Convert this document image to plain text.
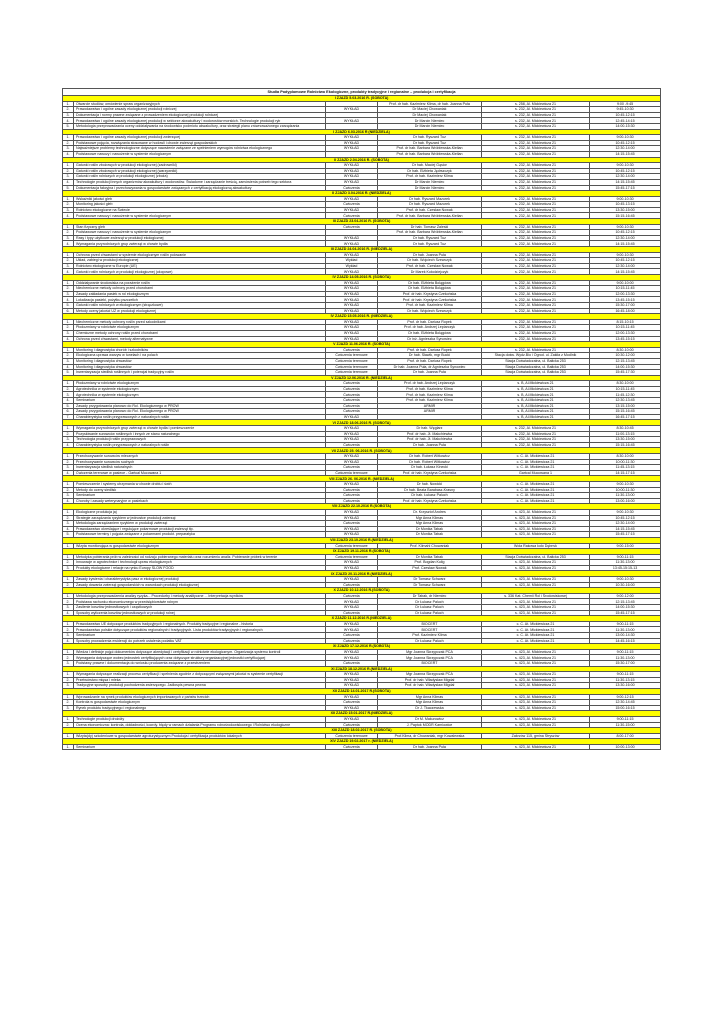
Studia Podyplomowe Rolnictwo Ekologiczne, produkty tradycyjne i regionalne – produkcja i certyfikacja					
I ZJAZD 5.03.2016 R. (SOBOTA)					
1.	Otwarcie studiów, omówienie spraw organizacyjnych		Prof. dr hab. Kazimierz Klima, dr hab. Joanna Puła	s. 258, Al. Mickiewicza 21	9:00 -9:45
2.	Prawodawstwo i ogólne zasady ekologicznej produkcji rolniczej	WYKŁAD	Dr Maciej Chowaniak	s. 232, Al. Mickiewicza 21	9:45-10:30
3.	Dokumentacja i normy prawne związane z prowadzeniem ekologicznej produkcji rolniczej		Dr Maciej Chowaniak	s. 232, Al. Mickiewicza 21	10:45-12:15
4.	Prawodawstwo i ogólne zasady ekologicznej produkcji w sektorze akwakultury i wodorostów morskich. Technologie produkcji ryb	WYKŁAD	Dr Marcin Niemiec	s. 232, Al. Mickiewicza 21	12:45-14:15
5.	Metodologia przeprowadzania oceny oddziaływania na środowisko podmiotu akwakultury, oraz strategii planu zrównoważonego zarządzania		Dr Marcin Niemiec	s. 232, Al. Mickiewicza 21	14:00-15:30
I ZJAZD 6.03.2016 R (NIEDZIELA)					
1.	Prawodawstwo i ogólne zasady ekologicznej produkcji zwierzęcej	WYKŁAD	Dr hab. Ryszard Tuz	s. 232, Al. Mickiewicza 21	9:00-10:30
2.	Podstawowe pojęcia, rozwiązania stosowane w hodowli i chowie zwierząt gospodarskich	WYKŁAD	Dr hab. Ryszard Tuz	s. 232, Al. Mickiewicza 21	10:45-12:15
3.	Najważniejsze problemy technologiczne dotyczące naważenie związane ze spełnieniem wymogów rolnictwa ekologicznego	WYKŁAD	Prof. dr hab. Barbara Wróblewska-Kiełian	s. 232, Al. Mickiewicza 21	12:30-14:00
4.	Podstawowe nawozy i nawożenie w systemie ekologicznym		Prof. dr hab. Barbara Wróblewska-Kiełian	s. 232, Al. Mickiewicza 21	14:15-15:45
II ZJAZD 2.04.2016 R. (SOBOTA)					
1.	Gatunki roślin zbożowych w produkcji ekologicznej (zadrowniki)	WYKŁAD	Dr hab. Maciej Gąsior	s. 232, Al. Mickiewicza 21	9:00-10:30
2.	Gatunki roślin zbożowych w produkcji ekologicznej (warzywniki)	WYKŁAD	Dr hab. Elżbieta Jędrszczyk	s. 232, Al. Mickiewicza 21	10:45-12:15
3.	Gatunki roślin rolniczych w produkcji ekologicznej (zboża)	WYKŁAD	Prof. dr hab. Kazimierz Klima	s. 232, Al. Mickiewicza 21	12:30-14:00
4.	Technologie produkcji innych organizmów akwakultury i wodorostów. Świadome i zarządzanie treścią, zamówienia potrzeb tego sektora	WYKŁAD	Dr Marcin Niemiec	s. 232, Al. Mickiewicza 21	14:15-15:45
5.	Dokumentacja fakcyjna i przechowywania w gospodarstwie związanych z certyfikacją ekologiczną akwakultury	Ćwiczenia	Dr Marcin Niemiec	s. 232, Al. Mickiewicza 21	15:45-17:15
II ZJAZD 3.04.2016 R. (NIEDZIELA)					
1.	Wskaźniki jakości gleb	WYKŁAD	Dr hab. Ryszard Mazurek	s. 232, Al. Mickiewicza 21	9:00-10:30
2.	Monitoring jakości gleb	Ćwiczenia	Dr hab. Ryszard Mazurek	s. 232, Al. Mickiewicza 21	10:45-13:15
3.	Rolnictwo ekologiczne na Świecie	WYKŁAD	Prof. dr hab. Czesław Nowak	s. 232, Al. Mickiewicza 21	13:30-15:00
4.	Podstawowe nawozy i nawożenie w systemie ekologicznym	Ćwiczenia	Prof. dr hab. Barbara Wróblewska-Kiełian	s. 232, Al. Mickiewicza 21	15:15-16:45
III ZJAZD 23.04.2016 R. (SOBOTA)					
1.	Stan fizyczny gleb	Ćwiczenia	Dr hab. Tomasz Zaleski	s. 232, Al. Mickiewicza 21	9:00-10:30
2.	Podstawowe nawozy i nawożenie w systemie ekologicznym		Prof. dr hab. Barbara Wróblewska-Kiełian	s. 232, Al. Mickiewicza 21	10:45-12:15
3.	Rasy i typy użytkowe zwierząt w produkcji ekologicznej	WYKŁAD	Dr hab. Ryszard Tuz	s. 232, Al. Mickiewicza 21	12:30-14:00
4.	Wymagania przyrodniczych grup zwierząt w chowie bydła	WYKŁAD	Dr hab. Ryszard Tuz	s. 232, Al. Mickiewicza 21	14:15-15:45
III ZJAZD 24.04.2016 R. (NIEDZIELA)					
1.	Ochrona przed chwastami w systemie ekologicznym roślin polowanie	WYKŁAD	Dr hab. Joanna Puła	s. 232, Al. Mickiewicza 21	9:00-10:30
2.	Układ, zabiegi w produkcji ekologicznej	Wykład	Dr hab. Wojciech Szewczyk	s. 232, Al. Mickiewicza 21	10:45-12:15
3.	Rolnictwo ekologiczne w Europie (UE)	Wykład	Prof. dr hab. Czesław Nowak	s. 232, Al. Mickiewicza 21	12:30-14:00
4.	Gatunki roślin rolniczych w produkcji ekologicznej (okopowe)	WYKŁAD	Dr Marek Kołodziejczyk	s. 232, Al. Mickiewicza 21	14:15-15:45
IV ZJAZD 14.05.2016 R. (SOBOTA)					
1.	Oddziaływanie środowiska na porażenie roślin	WYKŁAD	Dr hab. Elżbieta Bolągówa	s. 232, Al. Mickiewicza 21	9:00-10:00
2.	Niechemiczne metody ochrony przed chorobami	WYKŁAD	Dr hab. Elżbieta Bolągówa	s. 232, Al. Mickiewicza 21	10:15-11:45
3.	Zasady zakładania pasiek w rol ekologicznym	WYKŁAD	Prof. dr hab. Krystyna Czekońska	s. 232, Al. Mickiewicza 21	12:00-13:30
4.	Lokalizacja pasieki, pożytku pszczelich	WYKŁAD	Prof. dr hab. Krystyna Czekońska	s. 232, Al. Mickiewicza 21	13:45-15:15
5.	Gatunki roślin rolniczych w ekologicznym (strączkowe)	WYKŁAD	Prof. dr hab. Kazimierz Klima	s. 232, Al. Mickiewicza 21	15:30-17:00
6.	Metody oceny jakości UZ w produkcji ekologicznej	WYKŁAD	Dr hab. Wojciech Szewczyk	s. 232, Al. Mickiewicza 21	16:45-18:00
IV ZJAZD 15.05.2016 R. (NIEDZIELA)					
1.	Niechemiczne metody ochrony roślin przed szkodnikami	WYKŁAD	Prof. dr hab. Dariusz Ropek	s. 232, Al. Mickiewicza 21	8:15-10:15
2.	Płodozmiany w rolnictwie ekologicznym	WYKŁAD	Prof. dr hab. Andrzej Lepiarczyk	s. 232, Al. Mickiewicza 21	10:15-11:45
3.	Chemiczne metody ochrony roślin przed chorobami	WYKŁAD	Dr hab. Elżbieta Bolągówa	s. 232, Al. Mickiewicza 21	12:00-13:30
4.	Ochrona przed chwastami, metody alternatywne	WYKŁAD	Dr inż. Agnieszka Synowiec	s. 232, Al. Mickiewicza 21	13:45-15:15
V ZJAZD 11.06.2016 R. (SOBOTA)					
1.	Monitoring i diagnostyka chorób i szkodników	Ćwiczenia	Prof. dr hab. Dariusz Ropek	s. 232, Al. Mickiewicza 21	8:30-10:00
2.	Ekologiczna uprawa warzyw w tunelach i na polach	Ćwiczenia terenowe	Dr hab. Sławik, mgr Bucki	Stacja dośw. Wydz.Bio i Ogrod. ul. Zakiła z Modlnik	10:30-12:00
3.	Monitoring i diagnostyka chwastów	Ćwiczenia terenowe	Prof. dr hab. Dariusz Ropek	Stacja Doświadczalna, ul. Bałicka 253	12:15-13:45
4.	Monitoring i diagnostyka chwastów	Ćwiczenia terenowe	Dr hab. Joanna Puła, dr Agnieszka Synowiec	Stacja Doświadczalna, ul. Bałicka 253	14:00-15:30
5.	Inwentaryzacja siedlisk roślinnych i potencjał tradycyjny roślin	Ćwiczenia terenowe	Dr hab. Joanna Puła	Stacja Doświadczalna, ul. Bałicka 253	15:45-17:30
V ZJAZD 12.06.2016 R. (NIEDZIELA)					
1.	Płodozmiany w rolnictwie ekologicznym	Ćwiczenia	Prof. dr hab. Andrzej Lepiarczyk	s. B, Al.Mickiewicza 21	8:30-10:00
2.	Agrotechnika w systemie ekologicznym	Ćwiczenia	Prof. dr hab. Kazimierz Klima	s. B, Al.Mickiewicza 21	10:15-11:45
3.	Agrotechnika w systemie ekologicznym	Ćwiczenia	Prof. dr hab. Kazimierz Klima	s. B, Al.Mickiewicza 21	11:45-12:30
4.	Seminarium	Ćwiczenia	Prof. dr hab. Kazimierz Klima	s. B, Al.Mickiewicza 21	12:30-13:45
5.	Zasady przygotowania planowo do Rol. Ekologicznego w PROW	Ćwiczenia	ARMiR	s. B, Al.Mickiewicza 21	13:15-15:00
6.	Zasady przygotowania planowo do Rol. Ekologicznego w PROW	Ćwiczenia	ARMiR	s. B, Al.Mickiewicza 21	15:15-16:45
7.	Charakterystyka roślin przyprawowych z naturalnych roślin	WYKŁAD		s. B, Al.Mickiewicza 21	16:45-17:15
VI ZJAZD 18.06.2016 R. (SOBOTA)					
1.	Wymagania przyrodniczych grup zwierząt w chowie bydła i pomieszczenie	WYKŁAD	Dr hab. Węglarz	s. 232, Al. Mickiewicza 21	8:30-10:45
2.	Pozyskiwanie surowców roślinnych i innych ze stanu naturalnego	WYKŁAD	Prof. dr hab. Jt. Makchiewka	s. 232, Al. Mickiewicza 21	11:00-13:15
3.	Technologia produkcji roślin przyprawowych	WYKŁAD	Prof. dr hab. Jt. Makchiewka	s. 232, Al. Mickiewicza 21	13:30-15:00
4.	Charakterystyka roślin przyprawowych z naturalnych roślin	Ćwiczenia	Dr hab. Joanna Puła	s. 232, Al. Mickiewicza 21	15:15-16:45
VII ZJAZD 25. 06.2016 R. (SOBOTA)					
1.	Przechowywanie surowców mlecznych	WYKŁAD	Dr hab. Robert Witkowicz	c. C. At. Mickiewicza 21	8:30-10:00
2.	Przechowywanie surowców suchych	WYKŁAD	Dr hab. Robert Witkowicz	c. C. At. Mickiewicza 21	10:00-11:30
3.	Inwentaryzacja siedlisk naturalnych	Ćwiczenia	Dr hab. Łukasz Kinecki	c. C. At. Mickiewicza 21	11:45-13:15
4.	Ćwiczenia terenowe w pasiece - Gartcal Mucowana 1	Ćwiczenia terenowe	Prof. dr hab. Krystyna Czekońska	Gartcal Mucowana 1	14:15-17:15
VIII ZJAZD 26. 06.2016 R. (NIEDZIELA)					
1.	Pomieszczenie i systemy utrzymania w chowie drobiu i świń	WYKŁAD	Dr hab. Nowicki	c. C. At. Mickiewicza 21	9:00-10:30
2.	Metody do oceny siedlisk	Ćwiczenia	Dr hab. Beata Barabasz-Krasny	c. C. At. Mickiewicza 21	10:00-11:30
3.	Seminarium	Ćwiczenia	Dr hab. Łukasz Paluch	c. C. At. Mickiewicza 21	11:30-13:00
4.	Choroby i zasady weterynaryjne w pasiekach	Ćwiczenia	Prof. dr hab. Krystyna Czekońska	c. C. At. Mickiewicza 21	13:00-16:00
VIII ZJAZD 22.10.2016 R.(SOBOTA)					
1.	Ekologiczne produkcja jaj	WYKŁAD	Dr. Krzysztof Andres	s. 423, Al. Mickiewicza 21	9:00-10:30
2.	Strategie zarządzania ryzykiem w jednostce produkcji zwierząt	WYKŁAD	Mgr Anna Klimas	s. 423, Al. Mickiewicza 21	10:45-12:15
3.	Metodologia zarządzaniem ryzykiem w produkcji zwierząt	Ćwiczenia	Mgr Anna Klimas	s. 423, Al. Mickiewicza 21	12:30-14:00
4.	Prawodawstwo określające i regulujące pokarmowe produkcji zwierząt itp.	WYKŁAD	Dr Monika Tabak	s. 423, Al. Mickiewicza 21	14:15-15:45
5.	Podstawowe terminy i pojęcia związane z pokarmami produkt. preparatyka	WYKŁAD	Dr Monika Tabak	s. 423, Al. Mickiewicza 21	15:45-17:15
VIII ZJAZD 23.10.2016 R.(NIEDZIELA)					
1.	Wizyta monitorująca w gospodarstwie ekologicznym	Ćwiczenia terenowe	Prof. Klimahl Chowaniak	Wola Rakowa koło Dębnvk	9:00-15:00
IX ZJAZD 19.11.2016 R.(SOBOTA)					
1.	Metodyka pobierania prób w zależności od rodzaju pobieranego materiału oraz rozumieniu analiz. Pobieranie próbek w terenie	Ćwiczenia terenowe	Dr Monika Tabak	Stacja Doświadczalna, ul. Bałicka 253	9:00-11:15
2.	Innowacje w agrotechnice i technologii upraw ekologicznych	WYKŁAD	Prof. Bogdan Kulig	s. 423, Al. Mickiewicza 21	11:30-13:00
3.	Produkty ekologiczne i relacje na rynku Europy SLOW FOOD	WYKŁAD	Prof. Czesław Nowak	s. 423, Al. Mickiewicza 21	13:45-15:15-13
IX ZJAZD 20.11.2016 R.(NIEDZIELA)					
1.	Zasady żywienia i charakterystyka pasz w ekologicznej produkcji	WYKŁAD	Dr Tomasz Schwarz	s. 423, Al. Mickiewicza 21	9:00-10:30
2.	Zasady dowania zwierząt gospodarskich w warunkach produkcji ekologicznej	Ćwiczenia	Dr Tomasz Schwarz	s. 423, Al. Mickiewicza 21	10:30-16:00
X ZJAZD 10.12.2016 R.(SOBOTA)					
1.	Metodologia przeprowadzenia analizy ryzyka... Procedurby i metody analityczne ... Interpretacja wyników	Ćwiczenia	Dr Tabak, dr Niemiec	s. 336 Kat. Chemii Rol i Środowiskowej	9:00-12:00
2.	Podstawa rachunku ekonomicznego w przedsiębiorstwie rolnym	WYKŁAD	Dr Łukasz Paluch	s. 423, Al. Mickiewicza 21	12:15-13:45
3.	Zasilenie kosztów jednostkowych i cząstkowych	WYKŁAD	Dr Łukasz Paluch	s. 423, Al. Mickiewicza 21	14:00-15:30
4.	Sposoby wyliczenia kosztów jednostkowych w produkcji rolnej	Ćwiczenia	Dr Łukasz Paluch	s. 423, Al. Mickiewicza 21	15:45-17:15
X ZJAZD 11.12.2016 R.(NIEDZIELA)					
1.	Prawodawstwo UE dotyczące produktów tradycyjnych i regionalnych. Produkty tradycyjne i regionalne - historia	WYKŁAD	BIOCERT	c. C. At. Mickiewicza 21	9:00-11:15
2.	Prawodawstwo polskie dotyczące produktów regionalnych i tradycyjnych. Lista produktów tradycyjnych i regionalnych	WYKŁAD	BIOCERT	c. C. At. Mickiewicza 21	11:30-13:00
3.	Seminarium	Ćwiczenia	Prof. Kazimierz Klima	c. C. At. Mickiewicza 21	13:00-14:30
4.	Sposoby prowadzenia ewidencji do potrzeb ustalenia podatku VAT	Ćwiczenia	Dr Łukasz Paluch	c. C. At. Mickiewicza 21	14:45-16:15
XI ZJAZD 17.12.2016 R.(SOBOTA)					
1.	Wiedza i definicje pojęć dokumentów dotyczące akredytacji i certyfikacji w rolnictwie ekologicznym. Organizacja systemu kontroli	WYKŁAD	Mgr Joanna Skrzypczak PCA	s. 423, Al. Mickiewicza 21	9:00-11:15
2.	Wymagania dotyczące wobec jednostek certyfikujących oraz dotyczące struktury organizacyjnej jednostki certyfikującej	WYKŁAD	Mgr Joanna Skrzypczak PCA	s. 423, Al. Mickiewicza 21	11:30-13:00
3.	Podstawy prawne i dokumentacja do wniosku producenta związane z przestrzeniem	Ćwiczenia	BIOCERT	s. 423, Al. Mickiewicza 21	15:30-17:00
XI ZJAZD 18.12.2016 R.(NIEDZIELA)					
1.	Wymagania dotyczące realizacji procesu certyfikacji i spełnienia zgodnie z dotyczącymi związanymi jakości w systemie certyfikacji	WYKŁAD	Mgr Joanna Skrzypczak PCA	s. 423, Al. Mickiewicza 21	9:00-11:15
2.	Przetwórstwo mięsa i mleka	WYKŁAD	Prof. dr hab. Władysław Migdał	s. 423, Al. Mickiewicza 21	11:30-13:15
3.	Tradycyjne sposoby produkcji pochodzenia zwierzęcego. Jadłospis pewna pewna	WYKŁAD	Prof. dr hab. Władysław Migdał	s. 423, Al. Mickiewicza 21	13:30-16:00
XII ZJAZD 14.01.2017 R.(SOBOTA)					
1.	Wprowadzanie na rynek produktów ekologicznych importowanych z państw trzecich	WYKŁAD	Mgr Anna Klimas	s. 423, Al. Mickiewicza 21	9:00-12:15
2.	Kontrola w gospodarstwie ekologicznym	Ćwiczenia	Mgr Anna Klimas	s. 423, Al. Mickiewicza 21	12:30-14:45
3.	Rynek produktu tradycyjnego i regionalnego	WYKŁAD	Dr J. Tkaczewska	s. 423, Al. Mickiewicza 21	15:00-16:15
XII ZJAZD 15.01.2017 R.(NIEDZIELA)					
1.	Technologie produkcji drożdży	WYKŁAD	Dr M. Makurowicz	s. 423, Al. Mickiewicza 21	9:00-11:15
2.	Ocena ekonomiczna: kontrola, dokładności, koordy. błędy w ramach działania Programu rolnośrodowiskowego i Rolnictwo ekologiczne	Ćwiczenia	J. Paptok MODR Karniowice	s. 423, Al. Mickiewicza 21	11:30-15:00
XIII ZJAZD 18.02.2017 R. (SOBOTA)					
1.	Wizyta(dy) szkoleniowe w gospodarstwie agroturystycznym Produkcja i certyfikacja produktów lokalnych	Ćwiczenia terenowe	Prof.Klima, dr Chowaniak, mgr Kowalewska	Zakrzów 115, gmina Stryszów	8:00-17:00
XIV ZJAZD 19.02.2017 r. (NIEDZIELA)					
1.	Seminarium	Ćwiczenia	Dr hab. Joanna Puła	s. 423, Al. Mickiewicza 21	10:00-13:00
